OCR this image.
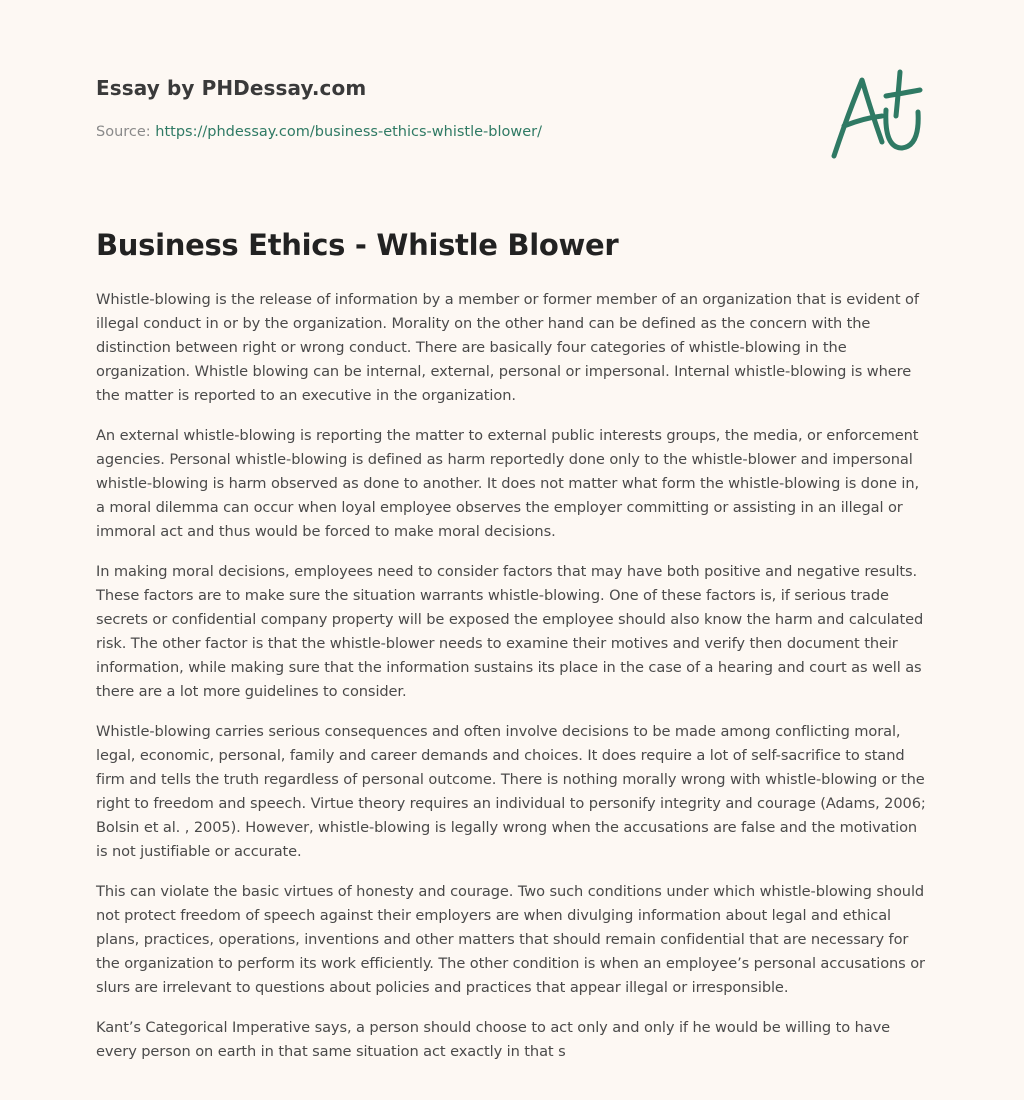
Essay by PHDessay.com
Source: https://phdessay.com/business-ethics-whistle-blower/
Business Ethics - Whistle Blower

Whistle-blowing is the release of information by a member or former member of an organization that is evident of illegal conduct in or by the organization. Morality on the other hand can be defined as the concern with the distinction between right or wrong conduct. There are basically four categories of whistle-blowing in the organization. Whistle blowing can be internal, external, personal or impersonal. Internal whistle-blowing is where the matter is reported to an executive in the organization.

An external whistle-blowing is reporting the matter to external public interests groups, the media, or enforcement agencies. Personal whistle-blowing is defined as harm reportedly done only to the whistle-blower and impersonal whistle-blowing is harm observed as done to another. It does not matter what form the whistle-blowing is done in, a moral dilemma can occur when loyal employee observes the employer committing or assisting in an illegal or immoral act and thus would be forced to make moral decisions.

In making moral decisions, employees need to consider factors that may have both positive and negative results. These factors are to make sure the situation warrants whistle-blowing. One of these factors is, if serious trade secrets or confidential company property will be exposed the employee should also know the harm and calculated risk. The other factor is that the whistle-blower needs to examine their motives and verify then document their information, while making sure that the information sustains its place in the case of a hearing and court as well as there are a lot more guidelines to consider.

Whistle-blowing carries serious consequences and often involve decisions to be made among conflicting moral, legal, economic, personal, family and career demands and choices. It does require a lot of self-sacrifice to stand firm and tells the truth regardless of personal outcome. There is nothing morally wrong with whistle-blowing or the right to freedom and speech. Virtue theory requires an individual to personify integrity and courage (Adams, 2006; Bolsin et al. , 2005). However, whistle-blowing is legally wrong when the accusations are false and the motivation is not justifiable or accurate.

This can violate the basic virtues of honesty and courage. Two such conditions under which whistle-blowing should not protect freedom of speech against their employers are when divulging information about legal and ethical plans, practices, operations, inventions and other matters that should remain confidential that are necessary for the organization to perform its work efficiently. The other condition is when an employee’s personal accusations or slurs are irrelevant to questions about policies and practices that appear illegal or irresponsible.

Kant’s Categorical Imperative says, a person should choose to act only and only if he would be willing to have every person on earth in that same situation act exactly in that s
